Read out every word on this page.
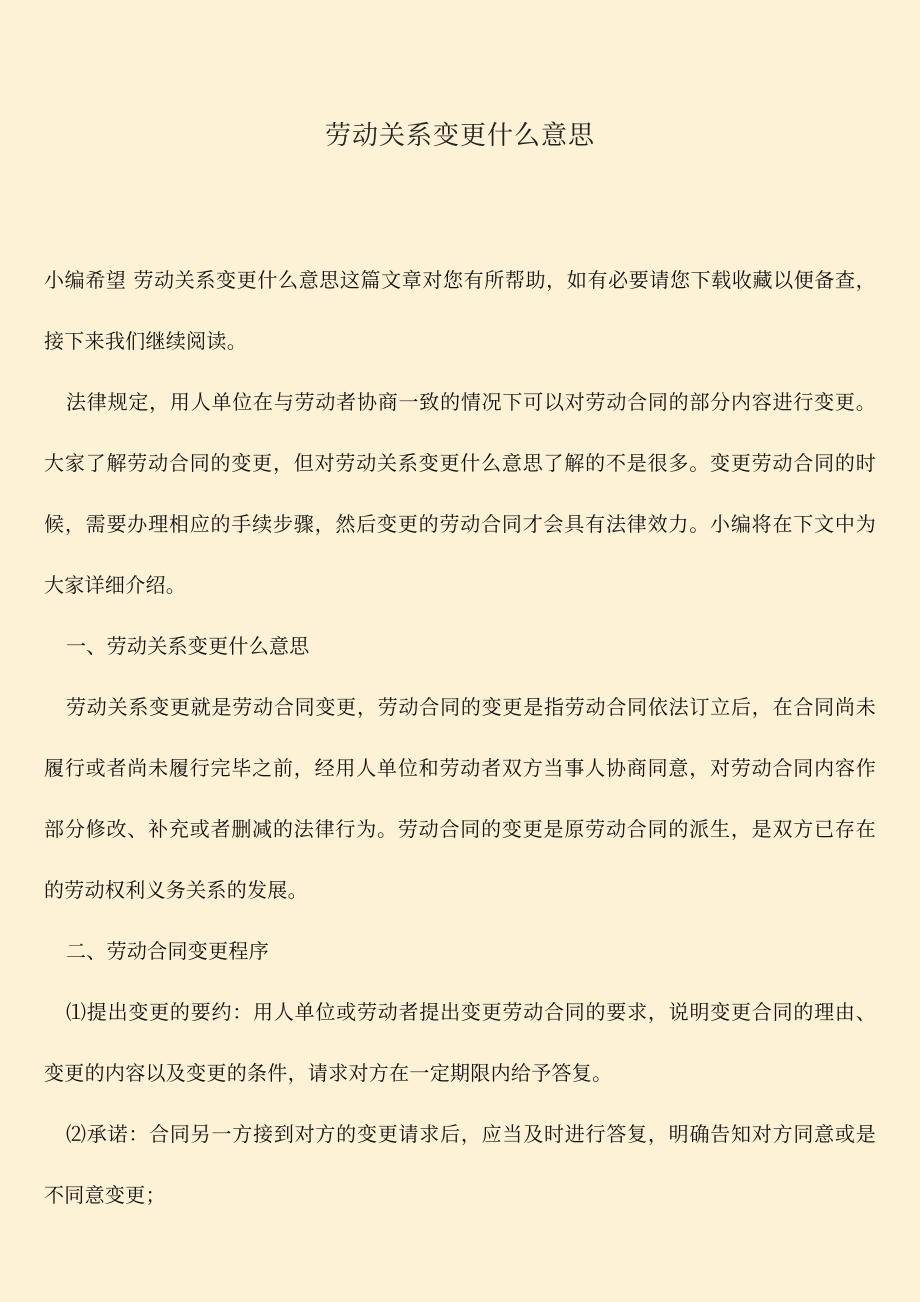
劳动关系变更什么意思

小编希望 劳动关系变更什么意思这篇文章对您有所帮助，如有必要请您下载收藏以便备查，接下来我们继续阅读。

法律规定，用人单位在与劳动者协商一致的情况下可以对劳动合同的部分内容进行变更。大家了解劳动合同的变更，但对劳动关系变更什么意思了解的不是很多。变更劳动合同的时候，需要办理相应的手续步骤，然后变更的劳动合同才会具有法律效力。小编将在下文中为大家详细介绍。

一、劳动关系变更什么意思

劳动关系变更就是劳动合同变更，劳动合同的变更是指劳动合同依法订立后，在合同尚未履行或者尚未履行完毕之前，经用人单位和劳动者双方当事人协商同意，对劳动合同内容作部分修改、补充或者删减的法律行为。劳动合同的变更是原劳动合同的派生，是双方已存在的劳动权利义务关系的发展。

二、劳动合同变更程序

⑴提出变更的要约：用人单位或劳动者提出变更劳动合同的要求，说明变更合同的理由、变更的内容以及变更的条件，请求对方在一定期限内给予答复。

⑵承诺：合同另一方接到对方的变更请求后，应当及时进行答复，明确告知对方同意或是不同意变更；
